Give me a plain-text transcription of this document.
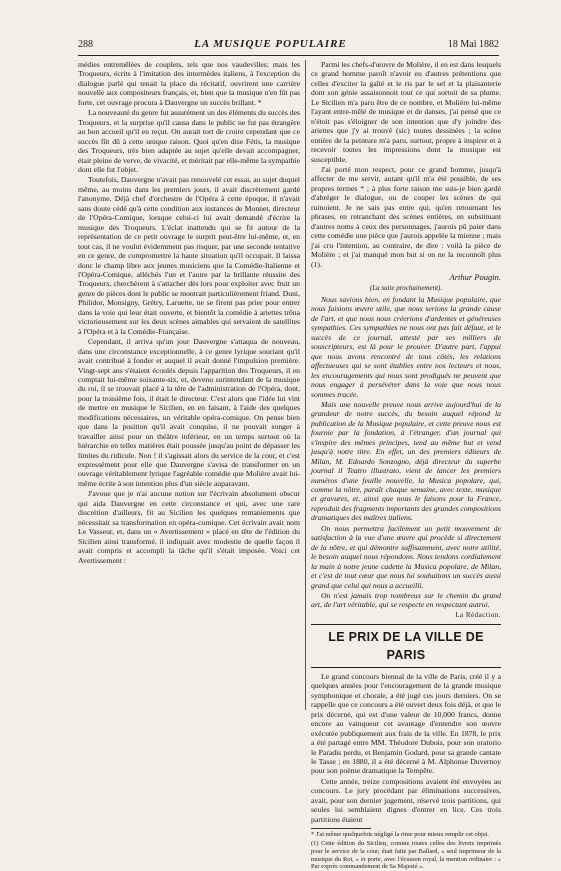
288	LA MUSIQUE POPULAIRE	18 Mai 1882

médies entremêlées de couplets, tels que nos vaudevilles; mais les Troqueurs, écrits à l'imitation des intermèdes italiens, à l'exception du dialogue parlé qui tenait la place du récitatif, ouvrirent une carrière nouvelle aux compositeurs français, et, bien que la musique n'en fût pas forte, cet ouvrage procura à Dauvergne un succès brillant. *

La nouveauté du genre fut assurément un des éléments du succès des Troqueurs, et la surprise qu'il causa dans le public ne fut pas étrangère au bon accueil qu'il en reçut. On aurait tort de croire cependant que ce succès fût dû à cette unique raison. Quoi qu'en dise Fétis, la musique des Troqueurs, très bien adaptée au sujet qu'elle devait accompagner, était pleine de verve, de vivacité, et méritait par elle-même la sympathie dont elle fut l'objet.

Toutefois, Dauvergne n'avait pas renouvelé cet essai, au sujet duquel même, au moins dans les premiers jours, il avait discrètement gardé l'anonyme. Déjà chef d'orchestre de l'Opéra à cette époque, il n'avait sans doute cédé qu'à cette condition aux instances de Monnet, directeur de l'Opéra-Comique, lorsque celui-ci lui avait demandé d'écrire la musique des Troqueurs. L'éclat inattendu qui se fit autour de la représentation de ce petit ouvrage le surprit peut-être lui-même, et, en tout cas, il ne voulut évidemment pas risquer, par une seconde tentative en ce genre, de compromettre la haute situation qu'il occupait. Il laissa donc le champ libre aux jeunes musiciens que la Comédie-Italienne et l'Opéra-Comique, alléchés l'un et l'autre par la brillante réussite des Troqueurs, cherchèrent à s'attacher dès lors pour exploiter avec fruit un genre de pièces dont le public se montrait particulièrement friand. Duni, Philidor, Monsigny, Grétry, Laruette, ne se firent pas prier pour entrer dans la voie qui leur était ouverte, et bientôt la comédie à ariettes trôna victorieusement sur les deux scènes aimables qui servaient de satellites à l'Opéra et à la Comédie-Française.

Cependant, il arriva qu'un jour Dauvergne s'attaqua de nouveau, dans une circonstance exceptionnelle, à ce genre lyrique souriant qu'il avait contribué à fonder et auquel il avait donné l'impulsion première. Vingt-sept ans s'étaient écoulés depuis l'apparition des Troqueurs, il en comptait lui-même soixante-six, et, devenu surintendant de la musique du roi, il se trouvait placé à la tête de l'administration de l'Opéra, dont, pour la troisième fois, il était le directeur. C'est alors que l'idée lui vint de mettre en musique le Sicilien, en en faisant, à l'aide des quelques modifications nécessaires, un véritable opéra-comique. On pense bien que dans la position qu'il avait conquise, il ne pouvait songer à travailler ainsi pour un théâtre inférieur, en un temps surtout où la hiérarchie en telles matières était poussée jusqu'au point de dépasser les limites du ridicule. Non ! il s'agissait alors du service de la cour, et c'est expressément pour elle que Dauvergne s'avisa de transformer en un ouvrage véritablement lyrique l'agréable comédie que Molière avait lui-même écrite à son intention plus d'un siècle auparavant.

J'avoue que je n'ai aucune notion sur l'écrivain absolument obscur qui aida Dauvergne en cette circonstance et qui, avec une rare discrétion d'ailleurs, fit au Sicilien les quelques remaniements que nécessitait sa transformation en opéra-comique. Cet écrivain avait nom Le Vasseur, et, dans un « Avertissement » placé en tête de l'édition du Sicilien ainsi transformé, il indiquait avec modestie de quelle façon il avait compris et accompli la tâche qu'il s'était imposée. Voici cet Avertissement :

Parmi les chefs-d'œuvre de Molière, il en est dans lesquels ce grand homme paroît n'avoir eu d'autres prétentions que celles d'exciter la gaîté et le ris par le sel et la plaisanterie dont son génie assaisonnoit tout ce qui sortoit de sa plume. Le Sicilien m'a paru être de ce nombre, et Molière lui-même l'ayant entre-mêlé de musique et de danses, j'ai pensé que ce n'étoit pas s'éloigner de son intention que d'y joindre des ariettes que j'y ai trouvé (sic) toutes dessinées ; la scène entière de la peinture m'a paru, surtout, propre à inspirer et à recevoir toutes les impressions dont la musique est susceptible.

J'ai porté mon respect, pour ce grand homme, jusqu'à affecter de me servir, autant qu'il m'a été possible, de ses propres termes * ; à plus forte raison me suis-je bien gardé d'abréger le dialogue, ou de couper les scènes de qui ruinoient. Je ne sais pas entre qui, qu'en retournant les phrases, en retranchant des scènes entières, en substituant d'autres noms à ceux des personnages, j'aurois pû paier dans cette comédie une pièce que j'aurois appelée la mienne ; mais j'ai cru l'intention, au contraire, de dire : voilà la pièce de Molière ; et j'ai manqué mon but si on ne la reconnoît plus (1).

Arthur Pougin.
(La suite prochainement).

Nous savions bien, en fondant la Musique populaire, que nous faisions œuvre utile, que nous serions la grande cause de l'art, et que nous nous créerions d'ardentes et généreuses sympathies. Ces sympathies ne nous ont pas fait défaut, et le succès de ce journal, attesté par ses milliers de souscripteurs, est là pour le prouver. D'autre part, l'appui que nous avons rencontré de tous côtés, les relations affectueuses qui se sont établies entre nos lecteurs et nous, les encouragements qui nous sont prodigués ne peuvent que nous engager à persévérer dans la voie que nous nous sommes tracée.

Mais une nouvelle preuve nous arrive aujourd'hui de la grandeur de notre succès, du besoin auquel répond la publication de la Musique populaire, et cette preuve nous est fournie par la fondation, à l'étranger, d'un journal qui s'inspire des mêmes principes, tend au même but et vend jusqu'à notre titre. En effet, un des premiers éditeurs de Milan, M. Edoardo Sonzogno, déjà directeur du superbe journal il Teatro illustrato, vient de lancer les premiers numéros d'une feuille nouvelle, la Musica popolare, qui, comme la nôtre, paraît chaque semaine, avec texte, musique et gravures, et, ainsi que nous le faisons pour la France, reproduit des fragments importants des grandes compositions dramatiques des maîtres italiens.

On nous permettra facilement un petit mouvement de satisfaction à la vue d'une œuvre qui procède si directement de la nôtre, et qui démontre suffisamment, avec notre utilité, le besoin auquel nous répondons. Nous tendons cordialement la main à notre jeune cadette la Musica popolare, de Milan, et c'est de tout cœur que nous lui souhaitons un succès aussi grand que celui qui nous a accueilli.

On n'est jamais trop nombreux sur le chemin du grand art, de l'art véritable, qui se respecte en respectant autrui.

La Rédaction.
LE PRIX DE LA VILLE DE PARIS

Le grand concours biennal de la ville de Paris, créé il y a quelques années pour l'encouragement de la grande musique symphonique et chorale, a été jugé ces jours derniers. On se rappelle que ce concours a été ouvert deux fois déjà, et que le prix décerné, qui est d'une valeur de 10,000 francs, donne encore au vainqueur cet avantage d'entendre son œuvre exécutée publiquement aux frais de la ville. En 1878, le prix a été partagé entre MM. Théodore Dubois, pour son oratorio le Paradis perdu, et Benjamin Godard, pour sa grande cantate le Tasse ; en 1880, il a été décerné à M. Alphonse Duvernoy pour son poème dramatique la Tempête.

Cette année, treize compositions avaient été envoyées au concours. Le jury procédant par éliminations successives, avait, pour son dernier jugement, réservé trois partitions, qui seules lui semblaient dignes d'entrer en lice. Ces trois partitions étaient

* J'ai même quelquefois négligé la rime pour mieux remplir cet objet.

(1) Cette édition du Sicilien, comme toutes celles des livrets imprimés pour le service de la cour, était faite par Ballard, « seul imprimeur de la musique du Roi, » et porte, avec l'écusson royal, la mention ordinaire : « Par exprès commandement de Sa Majesté ».
